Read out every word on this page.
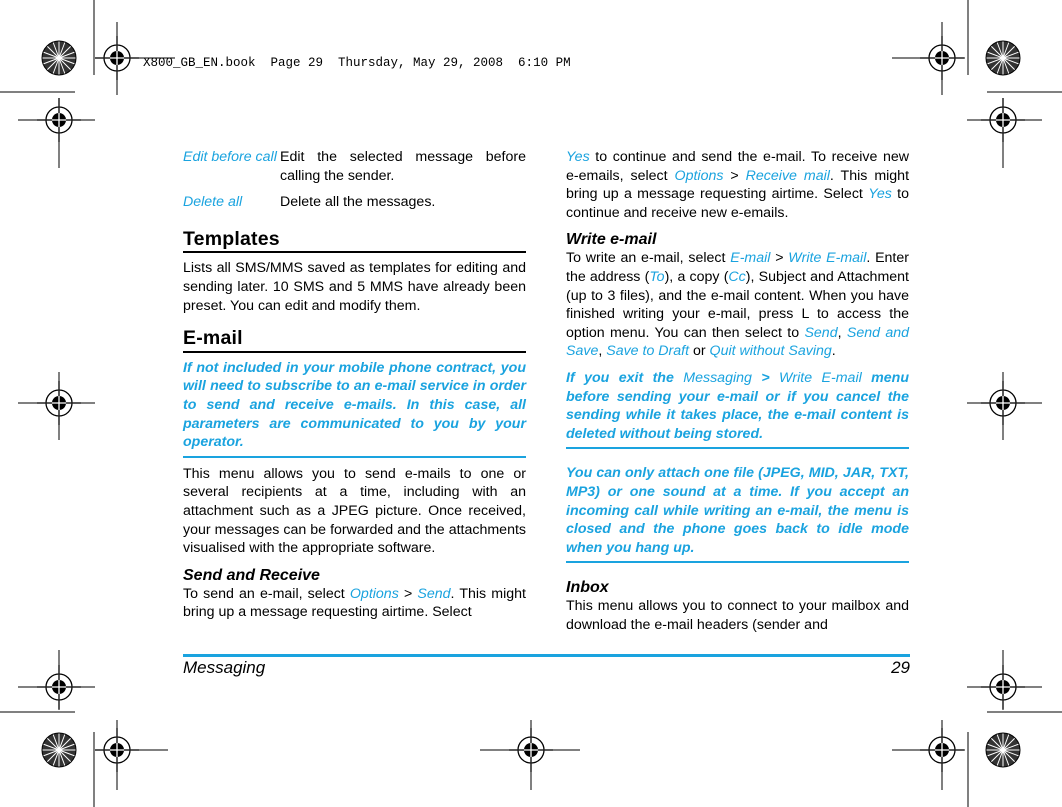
X800_GB_EN.book  Page 29  Thursday, May 29, 2008  6:10 PM

Edit before call	Edit the selected message before calling the sender.
Delete all	Delete all the messages.
Templates

Lists all SMS/MMS saved as templates for editing and sending later. 10 SMS and 5 MMS have already been preset. You can edit and modify them.

E-mail

If not included in your mobile phone contract, you will need to subscribe to an e-mail service in order to send and receive e-mails. In this case, all parameters are communicated to you by your operator.

This menu allows you to send e-mails to one or several recipients at a time, including with an attachment such as a JPEG picture. Once received, your messages can be forwarded and the attachments visualised with the appropriate software.

Send and Receive

To send an e-mail, select Options > Send. This might bring up a message requesting airtime. Select

Yes to continue and send the e-mail. To receive new e-emails, select Options > Receive mail. This might bring up a message requesting airtime. Select Yes to continue and receive new e-emails.

Write e-mail

To write an e-mail, select E-mail > Write E-mail. Enter the address (To), a copy (Cc), Subject and Attachment (up to 3 files), and the e-mail content. When you have finished writing your e-mail, press L to access the option menu. You can then select to Send, Send and Save, Save to Draft or Quit without Saving.

If you exit the Messaging > Write E-mail menu before sending your e-mail or if you cancel the sending while it takes place, the e-mail content is deleted without being stored.

You can only attach one file (JPEG, MID, JAR, TXT, MP3) or one sound at a time. If you accept an incoming call while writing an e-mail, the menu is closed and the phone goes back to idle mode when you hang up.

Inbox

This menu allows you to connect to your mailbox and download the e-mail headers (sender and

Messaging	29
